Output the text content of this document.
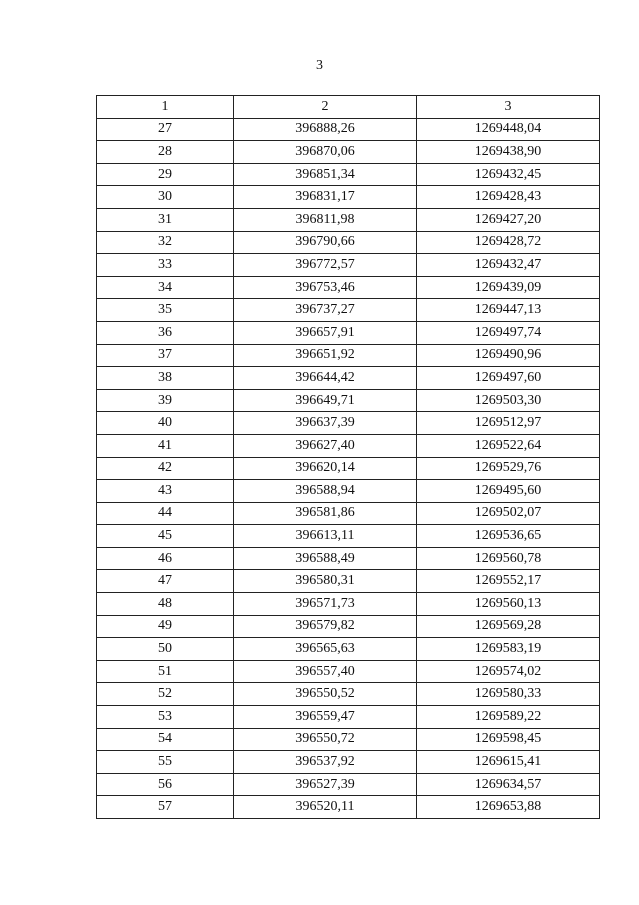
3
1	2	3
27	396888,26	1269448,04
28	396870,06	1269438,90
29	396851,34	1269432,45
30	396831,17	1269428,43
31	396811,98	1269427,20
32	396790,66	1269428,72
33	396772,57	1269432,47
34	396753,46	1269439,09
35	396737,27	1269447,13
36	396657,91	1269497,74
37	396651,92	1269490,96
38	396644,42	1269497,60
39	396649,71	1269503,30
40	396637,39	1269512,97
41	396627,40	1269522,64
42	396620,14	1269529,76
43	396588,94	1269495,60
44	396581,86	1269502,07
45	396613,11	1269536,65
46	396588,49	1269560,78
47	396580,31	1269552,17
48	396571,73	1269560,13
49	396579,82	1269569,28
50	396565,63	1269583,19
51	396557,40	1269574,02
52	396550,52	1269580,33
53	396559,47	1269589,22
54	396550,72	1269598,45
55	396537,92	1269615,41
56	396527,39	1269634,57
57	396520,11	1269653,88
